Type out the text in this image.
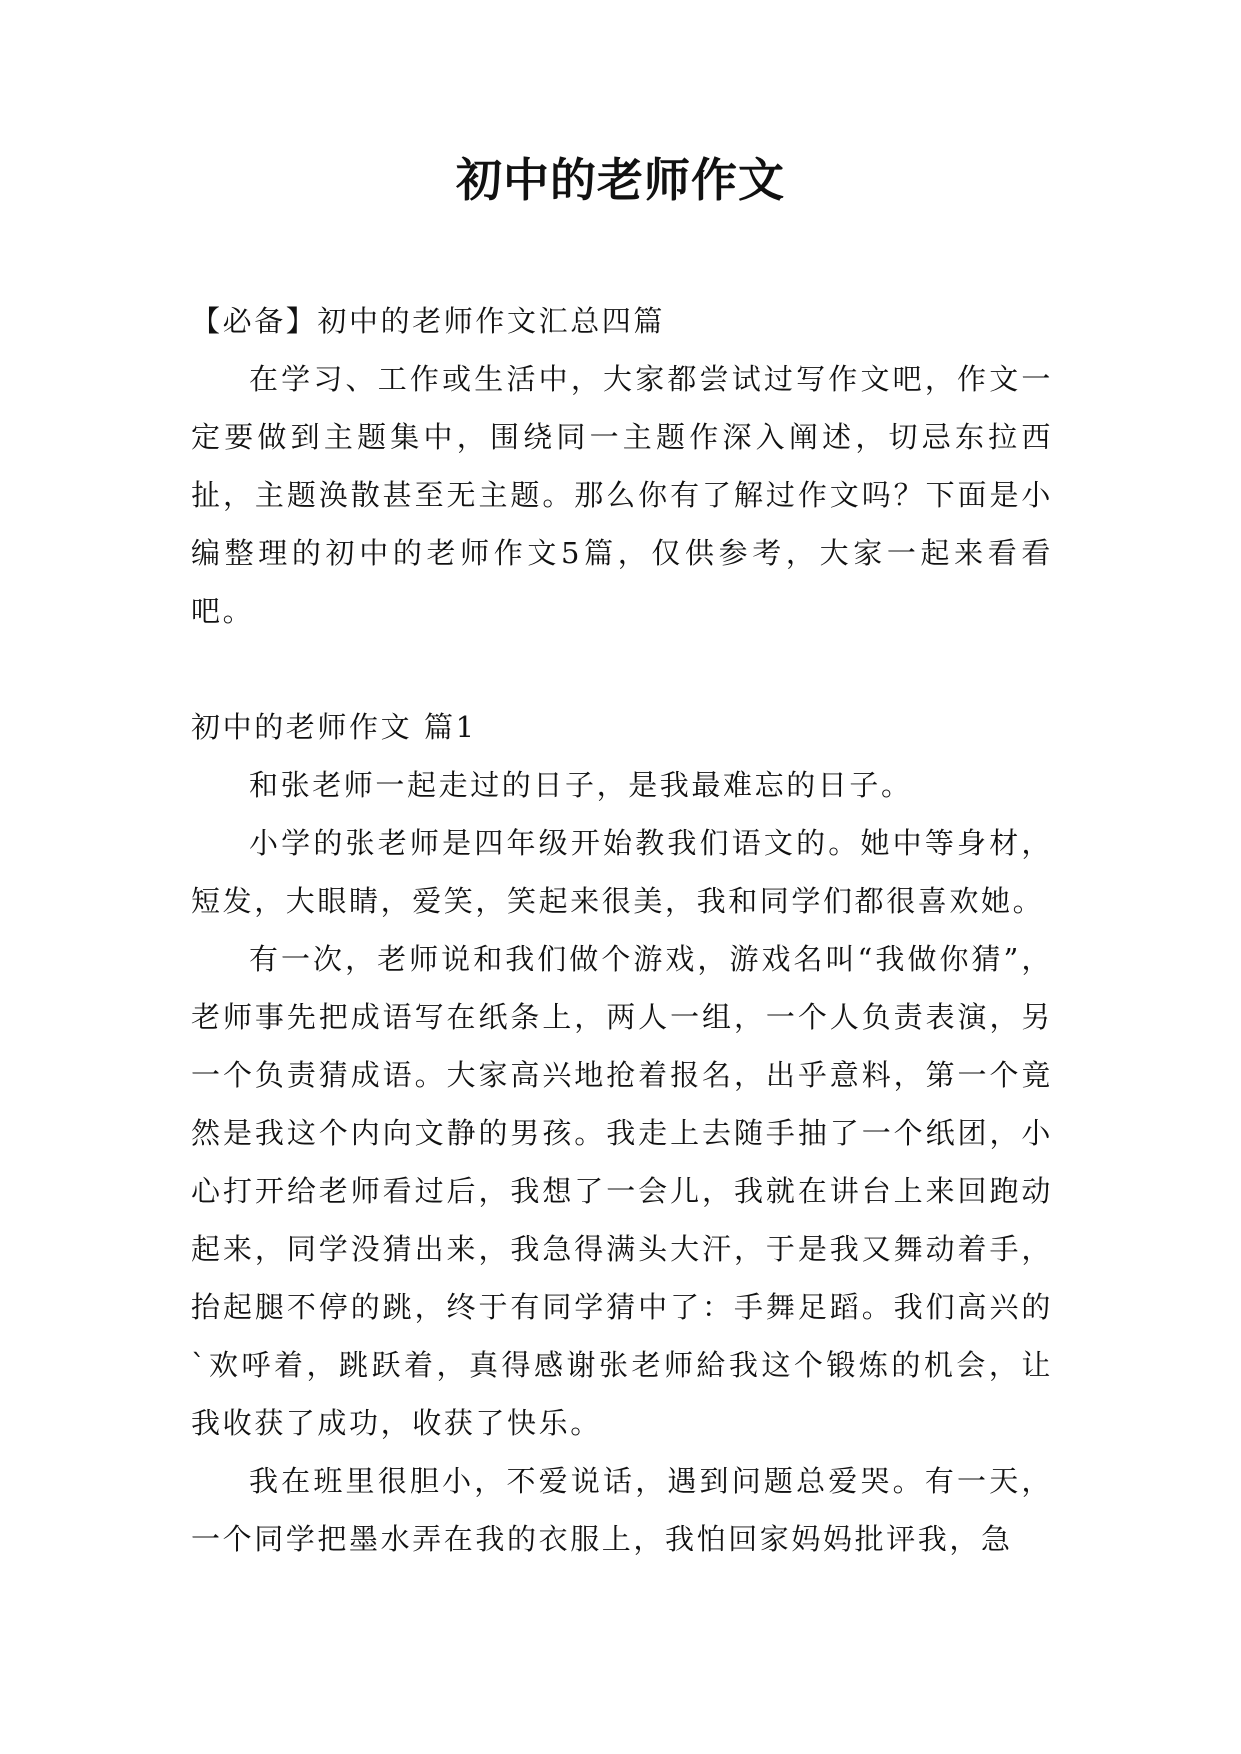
初中的老师作文

【必备】初中的老师作文汇总四篇

在学习、工作或生活中，大家都尝试过写作文吧，作文一定要做到主题集中，围绕同一主题作深入阐述，切忌东拉西扯，主题涣散甚至无主题。那么你有了解过作文吗？下面是小编整理的初中的老师作文5篇，仅供参考，大家一起来看看吧。

初中的老师作文 篇1

和张老师一起走过的日子，是我最难忘的日子。

小学的张老师是四年级开始教我们语文的。她中等身材，短发，大眼睛，爱笑，笑起来很美，我和同学们都很喜欢她。

有一次，老师说和我们做个游戏，游戏名叫“我做你猜”，老师事先把成语写在纸条上，两人一组，一个人负责表演，另一个负责猜成语。大家高兴地抢着报名，出乎意料，第一个竟然是我这个内向文静的男孩。我走上去随手抽了一个纸团，小心打开给老师看过后，我想了一会儿，我就在讲台上来回跑动起来，同学没猜出来，我急得满头大汗，于是我又舞动着手，抬起腿不停的跳，终于有同学猜中了：手舞足蹈。我们高兴的`欢呼着，跳跃着，真得感谢张老师給我这个锻炼的机会，让我收获了成功，收获了快乐。

我在班里很胆小，不爱说话，遇到问题总爱哭。有一天，一个同学把墨水弄在我的衣服上，我怕回家妈妈批评我，急
